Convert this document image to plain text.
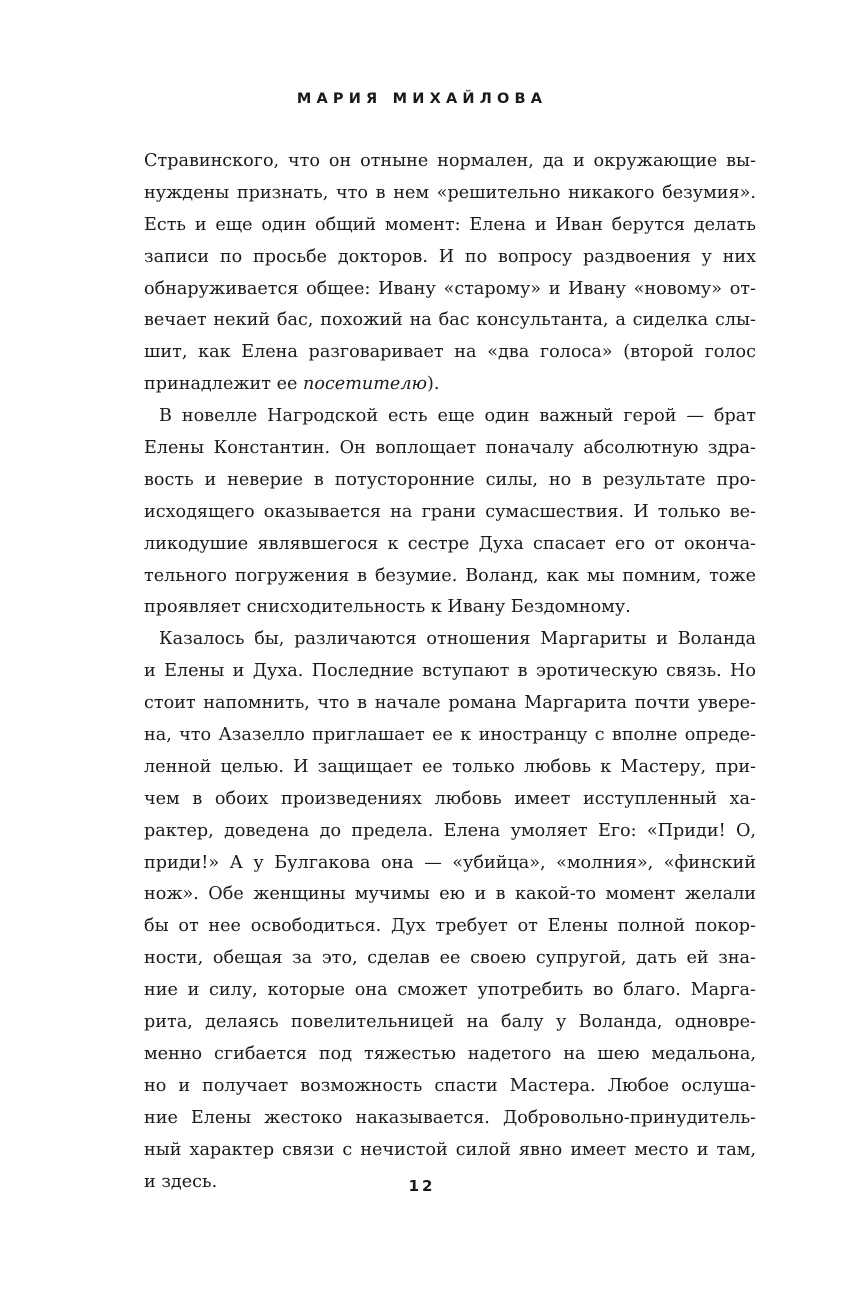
МАРИЯ МИХАЙЛОВА
Стравинского, что он отныне нормален, да и окружающие вы-
нуждены признать, что в нем «решительно никакого безумия».
Есть и еще один общий момент: Елена и Иван берутся делать
записи по просьбе докторов. И по вопросу раздвоения у них
обнаруживается общее: Ивану «старому» и Ивану «новому» от-
вечает некий бас, похожий на бас консультанта, а сиделка слы-
шит, как Елена разговаривает на «два голоса» (второй голос
принадлежит ее посетителю).
В новелле Нагродской есть еще один важный герой — брат
Елены Константин. Он воплощает поначалу абсолютную здра-
вость и неверие в потусторонние силы, но в результате про-
исходящего оказывается на грани сумасшествия. И только ве-
ликодушие являвшегося к сестре Духа спасает его от оконча-
тельного погружения в безумие. Воланд, как мы помним, тоже
проявляет снисходительность к Ивану Бездомному.
Казалось бы, различаются отношения Маргариты и Воланда
и Елены и Духа. Последние вступают в эротическую связь. Но
стоит напомнить, что в начале романа Маргарита почти увере-
на, что Азазелло приглашает ее к иностранцу с вполне опреде-
ленной целью. И защищает ее только любовь к Мастеру, при-
чем в обоих произведениях любовь имеет исступленный ха-
рактер, доведена до предела. Елена умоляет Его: «Приди! О,
приди!» А у Булгакова она — «убийца», «молния», «финский
нож». Обе женщины мучимы ею и в какой-то момент желали
бы от нее освободиться. Дух требует от Елены полной покор-
ности, обещая за это, сделав ее своею супругой, дать ей зна-
ние и силу, которые она сможет употребить во благо. Марга-
рита, делаясь повелительницей на балу у Воланда, одновре-
менно сгибается под тяжестью надетого на шею медальона,
но и получает возможность спасти Мастера. Любое ослуша-
ние Елены жестоко наказывается. Добровольно-принудитель-
ный характер связи с нечистой силой явно имеет место и там,
и здесь.	12
